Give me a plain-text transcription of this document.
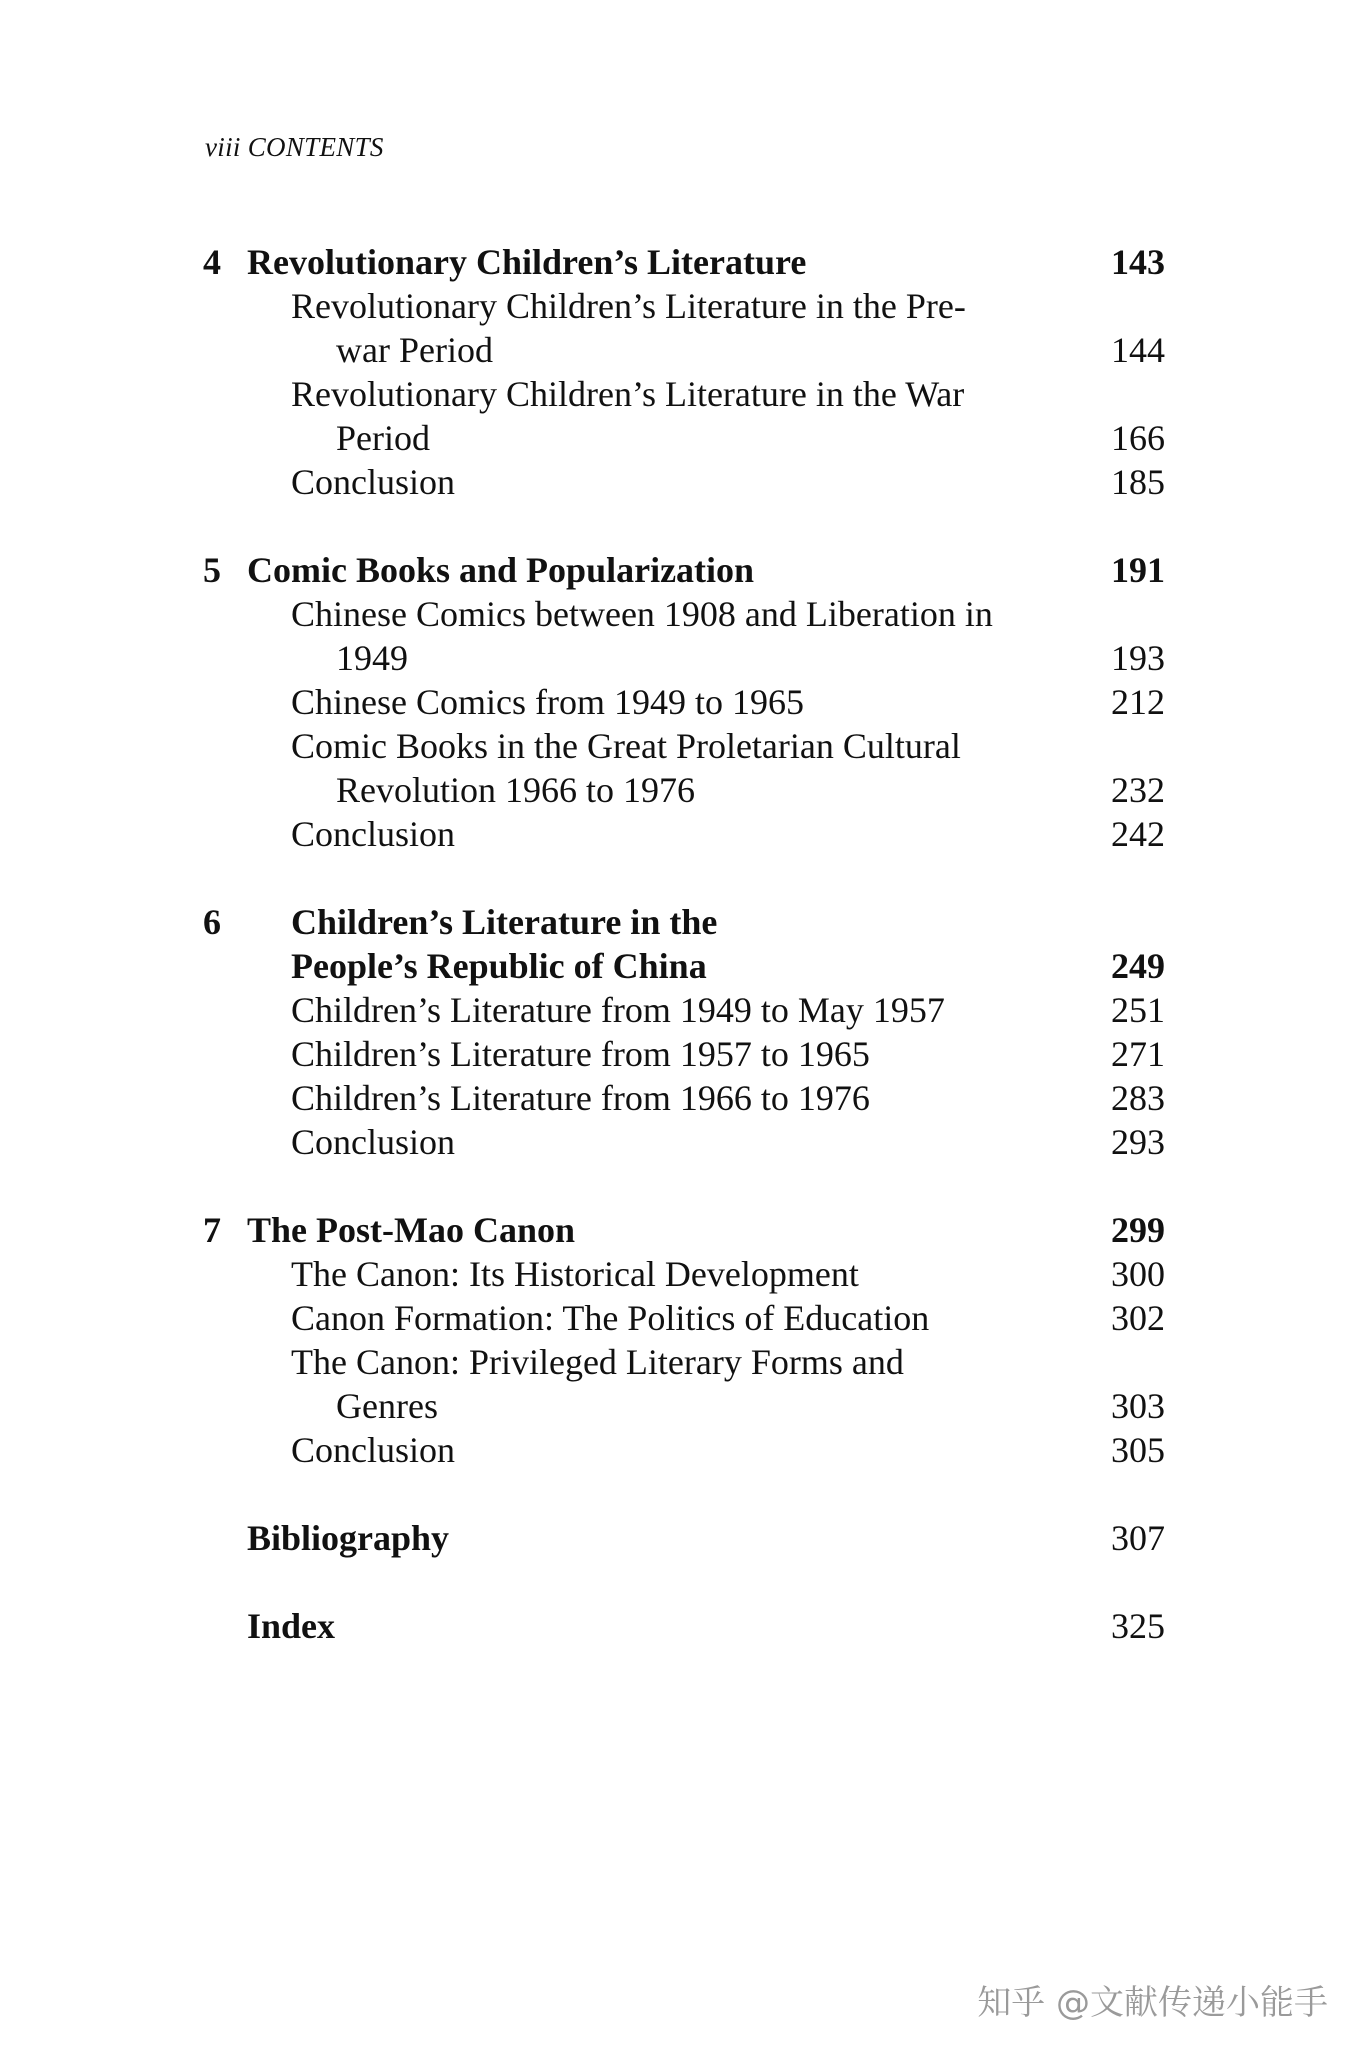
viii CONTENTS
4 Revolutionary Children’s Literature	143
Revolutionary Children’s Literature in the Pre-
war Period	144
Revolutionary Children’s Literature in the War
Period	166
Conclusion	185
5 Comic Books and Popularization	191
Chinese Comics between 1908 and Liberation in
1949	193
Chinese Comics from 1949 to 1965	212
Comic Books in the Great Proletarian Cultural
Revolution 1966 to 1976	232
Conclusion	242
6	Children’s Literature in the
People’s Republic of China	249
Children’s Literature from 1949 to May 1957	251
Children’s Literature from 1957 to 1965	271
Children’s Literature from 1966 to 1976	283
Conclusion	293
7 The Post-Mao Canon	299
The Canon: Its Historical Development	300
Canon Formation: The Politics of Education	302
The Canon: Privileged Literary Forms and
Genres	303
Conclusion	305
Bibliography	307
Index	325
知乎 @文献传递小能手
